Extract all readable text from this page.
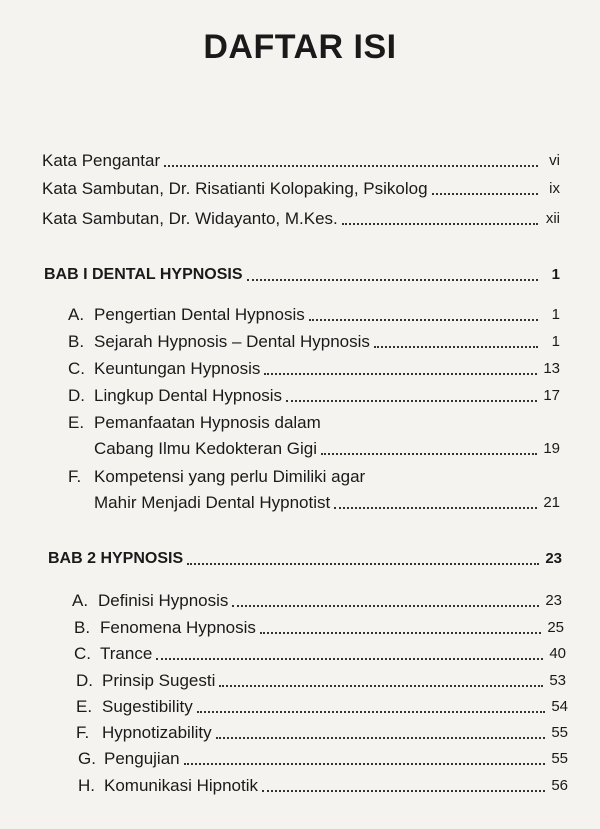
DAFTAR ISI
Kata Pengantar	vi
Kata Sambutan, Dr. Risatianti Kolopaking, Psikolog	ix
Kata Sambutan, Dr. Widayanto, M.Kes.	xii
BAB I DENTAL HYPNOSIS	1
A. Pengertian Dental Hypnosis	1
B. Sejarah Hypnosis – Dental Hypnosis	1
C. Keuntungan Hypnosis	13
D. Lingkup Dental Hypnosis	17
E. Pemanfaatan Hypnosis dalam
Cabang Ilmu Kedokteran Gigi	19
F. Kompetensi yang perlu Dimiliki agar
Mahir Menjadi Dental Hypnotist	21
BAB 2 HYPNOSIS	23
A. Definisi Hypnosis	23
B. Fenomena Hypnosis	25
C. Trance	40
D. Prinsip Sugesti	53
E. Sugestibility	54
F. Hypnotizability	55
G. Pengujian	55
H. Komunikasi Hipnotik	56
